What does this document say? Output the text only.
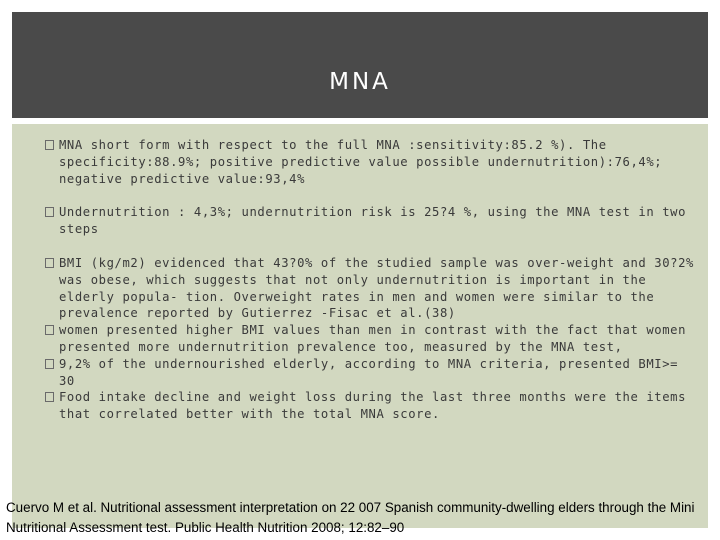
MNA
MNA short form with respect to the full MNA :sensitivity:85.2 %). The specificity:88.9%; positive predictive value possible undernutrition):76,4%; negative predictive value:93,4%
Undernutrition : 4,3%; undernutrition risk is 25?4 %, using the MNA test in two steps
BMI (kg/m2) evidenced that 43?0% of the studied sample was over-weight and 30?2% was obese, which suggests that not only undernutrition is important in the elderly popula- tion. Overweight rates in men and women were similar to the prevalence reported by Gutierrez -Fisac et al.(38)
women presented higher BMI values than men in contrast with the fact that women presented more undernutrition prevalence too, measured by the MNA test,
9,2% of the undernourished elderly, according to MNA criteria, presented BMI>= 30
Food intake decline and weight loss during the last three months were the items that correlated better with the total MNA score.
Cuervo M et al. Nutritional assessment interpretation on 22 007 Spanish community-dwelling elders through the Mini Nutritional Assessment test. Public Health Nutrition 2008; 12:82–90
